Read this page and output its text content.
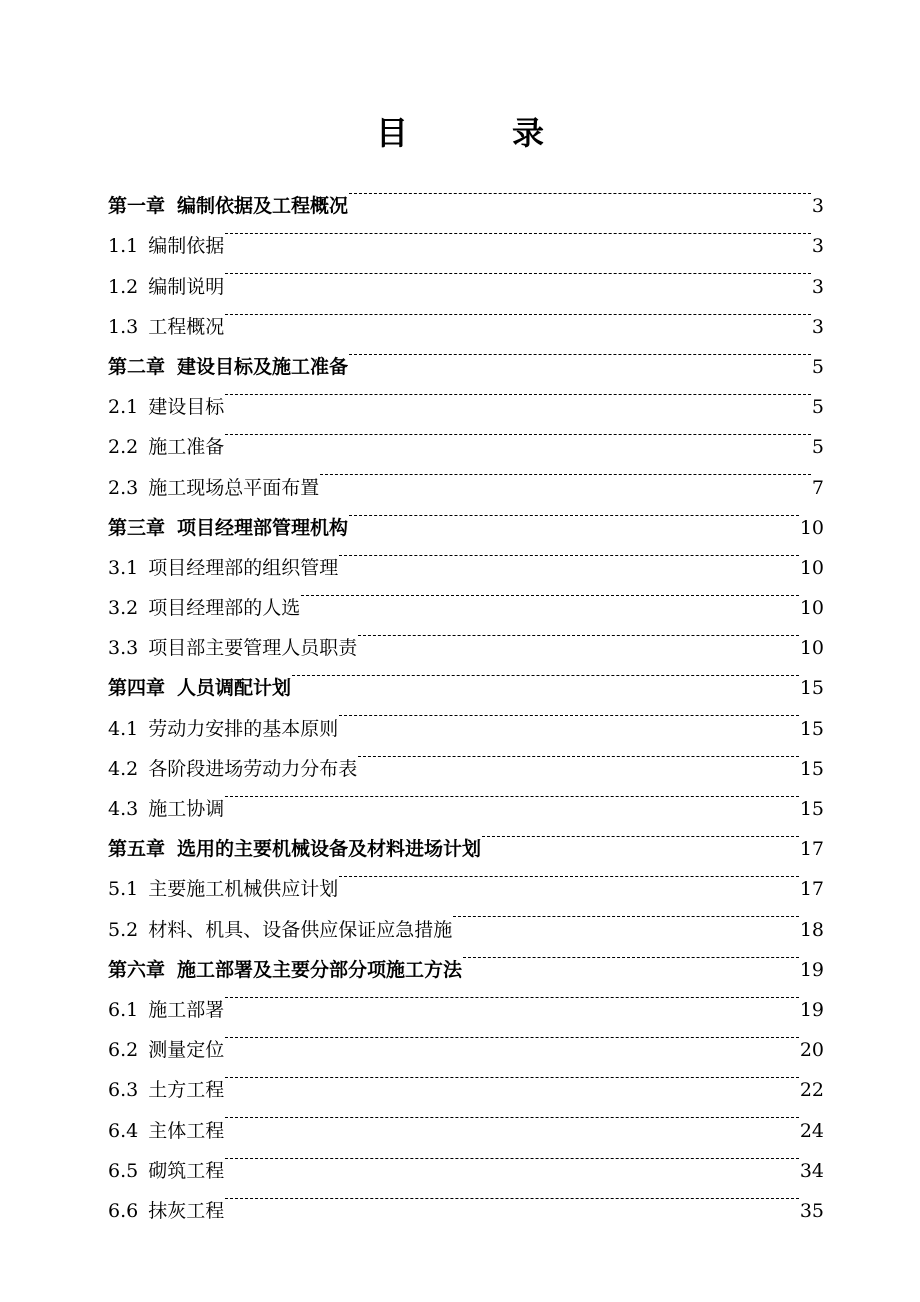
目　录
第一章 编制依据及工程概况	3
1.1 编制依据	3
1.2 编制说明	3
1.3 工程概况	3
第二章 建设目标及施工准备	5
2.1 建设目标	5
2.2 施工准备	5
2.3 施工现场总平面布置	7
第三章 项目经理部管理机构	10
3.1 项目经理部的组织管理	10
3.2 项目经理部的人选	10
3.3 项目部主要管理人员职责	10
第四章 人员调配计划	15
4.1 劳动力安排的基本原则	15
4.2 各阶段进场劳动力分布表	15
4.3 施工协调	15
第五章 选用的主要机械设备及材料进场计划	17
5.1 主要施工机械供应计划	17
5.2 材料、机具、设备供应保证应急措施	18
第六章 施工部署及主要分部分项施工方法	19
6.1 施工部署	19
6.2 测量定位	20
6.3 土方工程	22
6.4 主体工程	24
6.5 砌筑工程	34
6.6 抹灰工程	35
